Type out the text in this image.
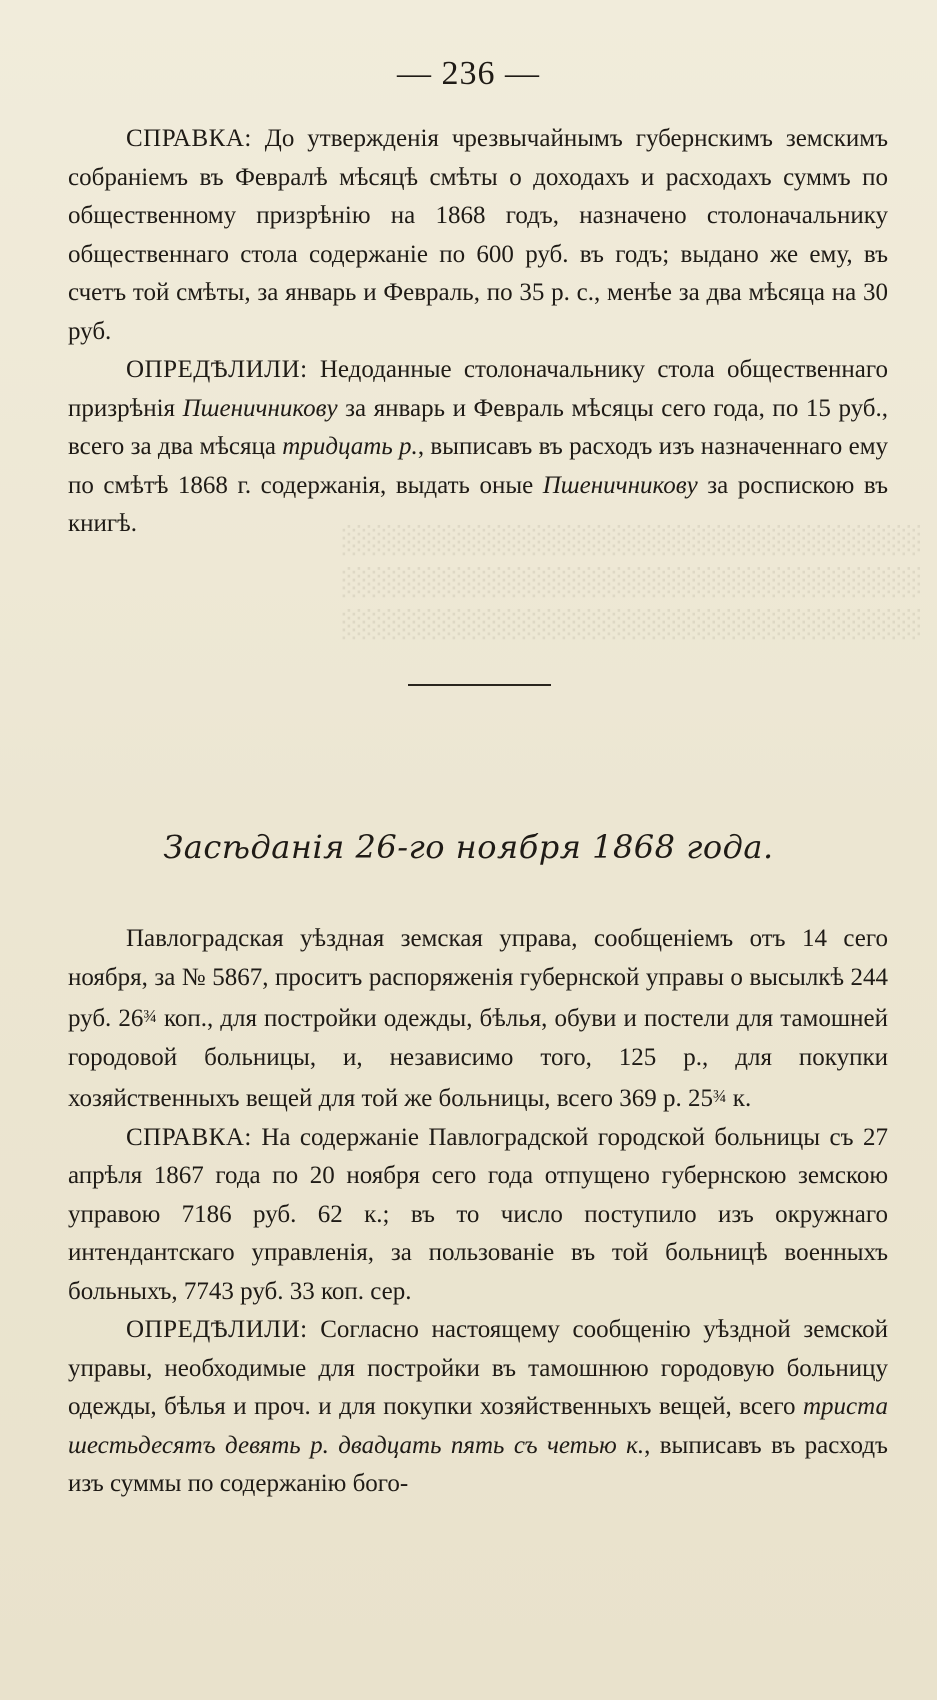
░░░░░░░░░░░░░░░░░░░░░░░░░░░░░
░░░░░░░░░░░░░░░░░░░░░░░░░░░░░
░░░░░░░░░░░░░░░░░░░░░░░░░░░░░
— 236 —

СПРАВКА: До утвержденія чрезвычайнымъ губернскимъ земскимъ собраніемъ въ Февралѣ мѣсяцѣ смѣты о доходахъ и расходахъ суммъ по общественному призрѣнію на 1868 годъ, назначено столоначальнику общественнаго стола содержаніе по 600 руб. въ годъ; выдано же ему, въ счетъ той смѣты, за январь и Февраль, по 35 р. с., менѣе за два мѣсяца на 30 руб.

ОПРЕДѢЛИЛИ: Недоданные столоначальнику стола общественнаго призрѣнія Пшеничникову за январь и Февраль мѣсяцы сего года, по 15 руб., всего за два мѣсяца тридцать р., выписавъ въ расходъ изъ назначеннаго ему по смѣтѣ 1868 г. содержанія, выдать оные Пшеничникову за роспискою въ книгѣ.

Засѣданія 26-го ноября 1868 года.

Павлоградская уѣздная земская управа, сообщеніемъ отъ 14 сего ноября, за № 5867, проситъ распоряженія губернской управы о высылкѣ 244 руб. 26¾ коп., для постройки одежды, бѣлья, обуви и постели для тамошней городовой больницы, и, независимо того, 125 р., для покупки хозяйственныхъ вещей для той же больницы, всего 369 р. 25¾ к.

СПРАВКА: На содержаніе Павлоградской городской больницы съ 27 апрѣля 1867 года по 20 ноября сего года отпущено губернскою земскою управою 7186 руб. 62 к.; въ то число поступило изъ окружнаго интендантскаго управленія, за пользованіе въ той больницѣ военныхъ больныхъ, 7743 руб. 33 коп. сер.

ОПРЕДѢЛИЛИ: Согласно настоящему сообщенію уѣздной земской управы, необходимые для постройки въ тамошнюю городовую больницу одежды, бѣлья и проч. и для покупки хозяйственныхъ вещей, всего триста шестьдесятъ девять р. двадцать пять съ четью к., выписавъ въ расходъ изъ суммы по содержанію бого-
